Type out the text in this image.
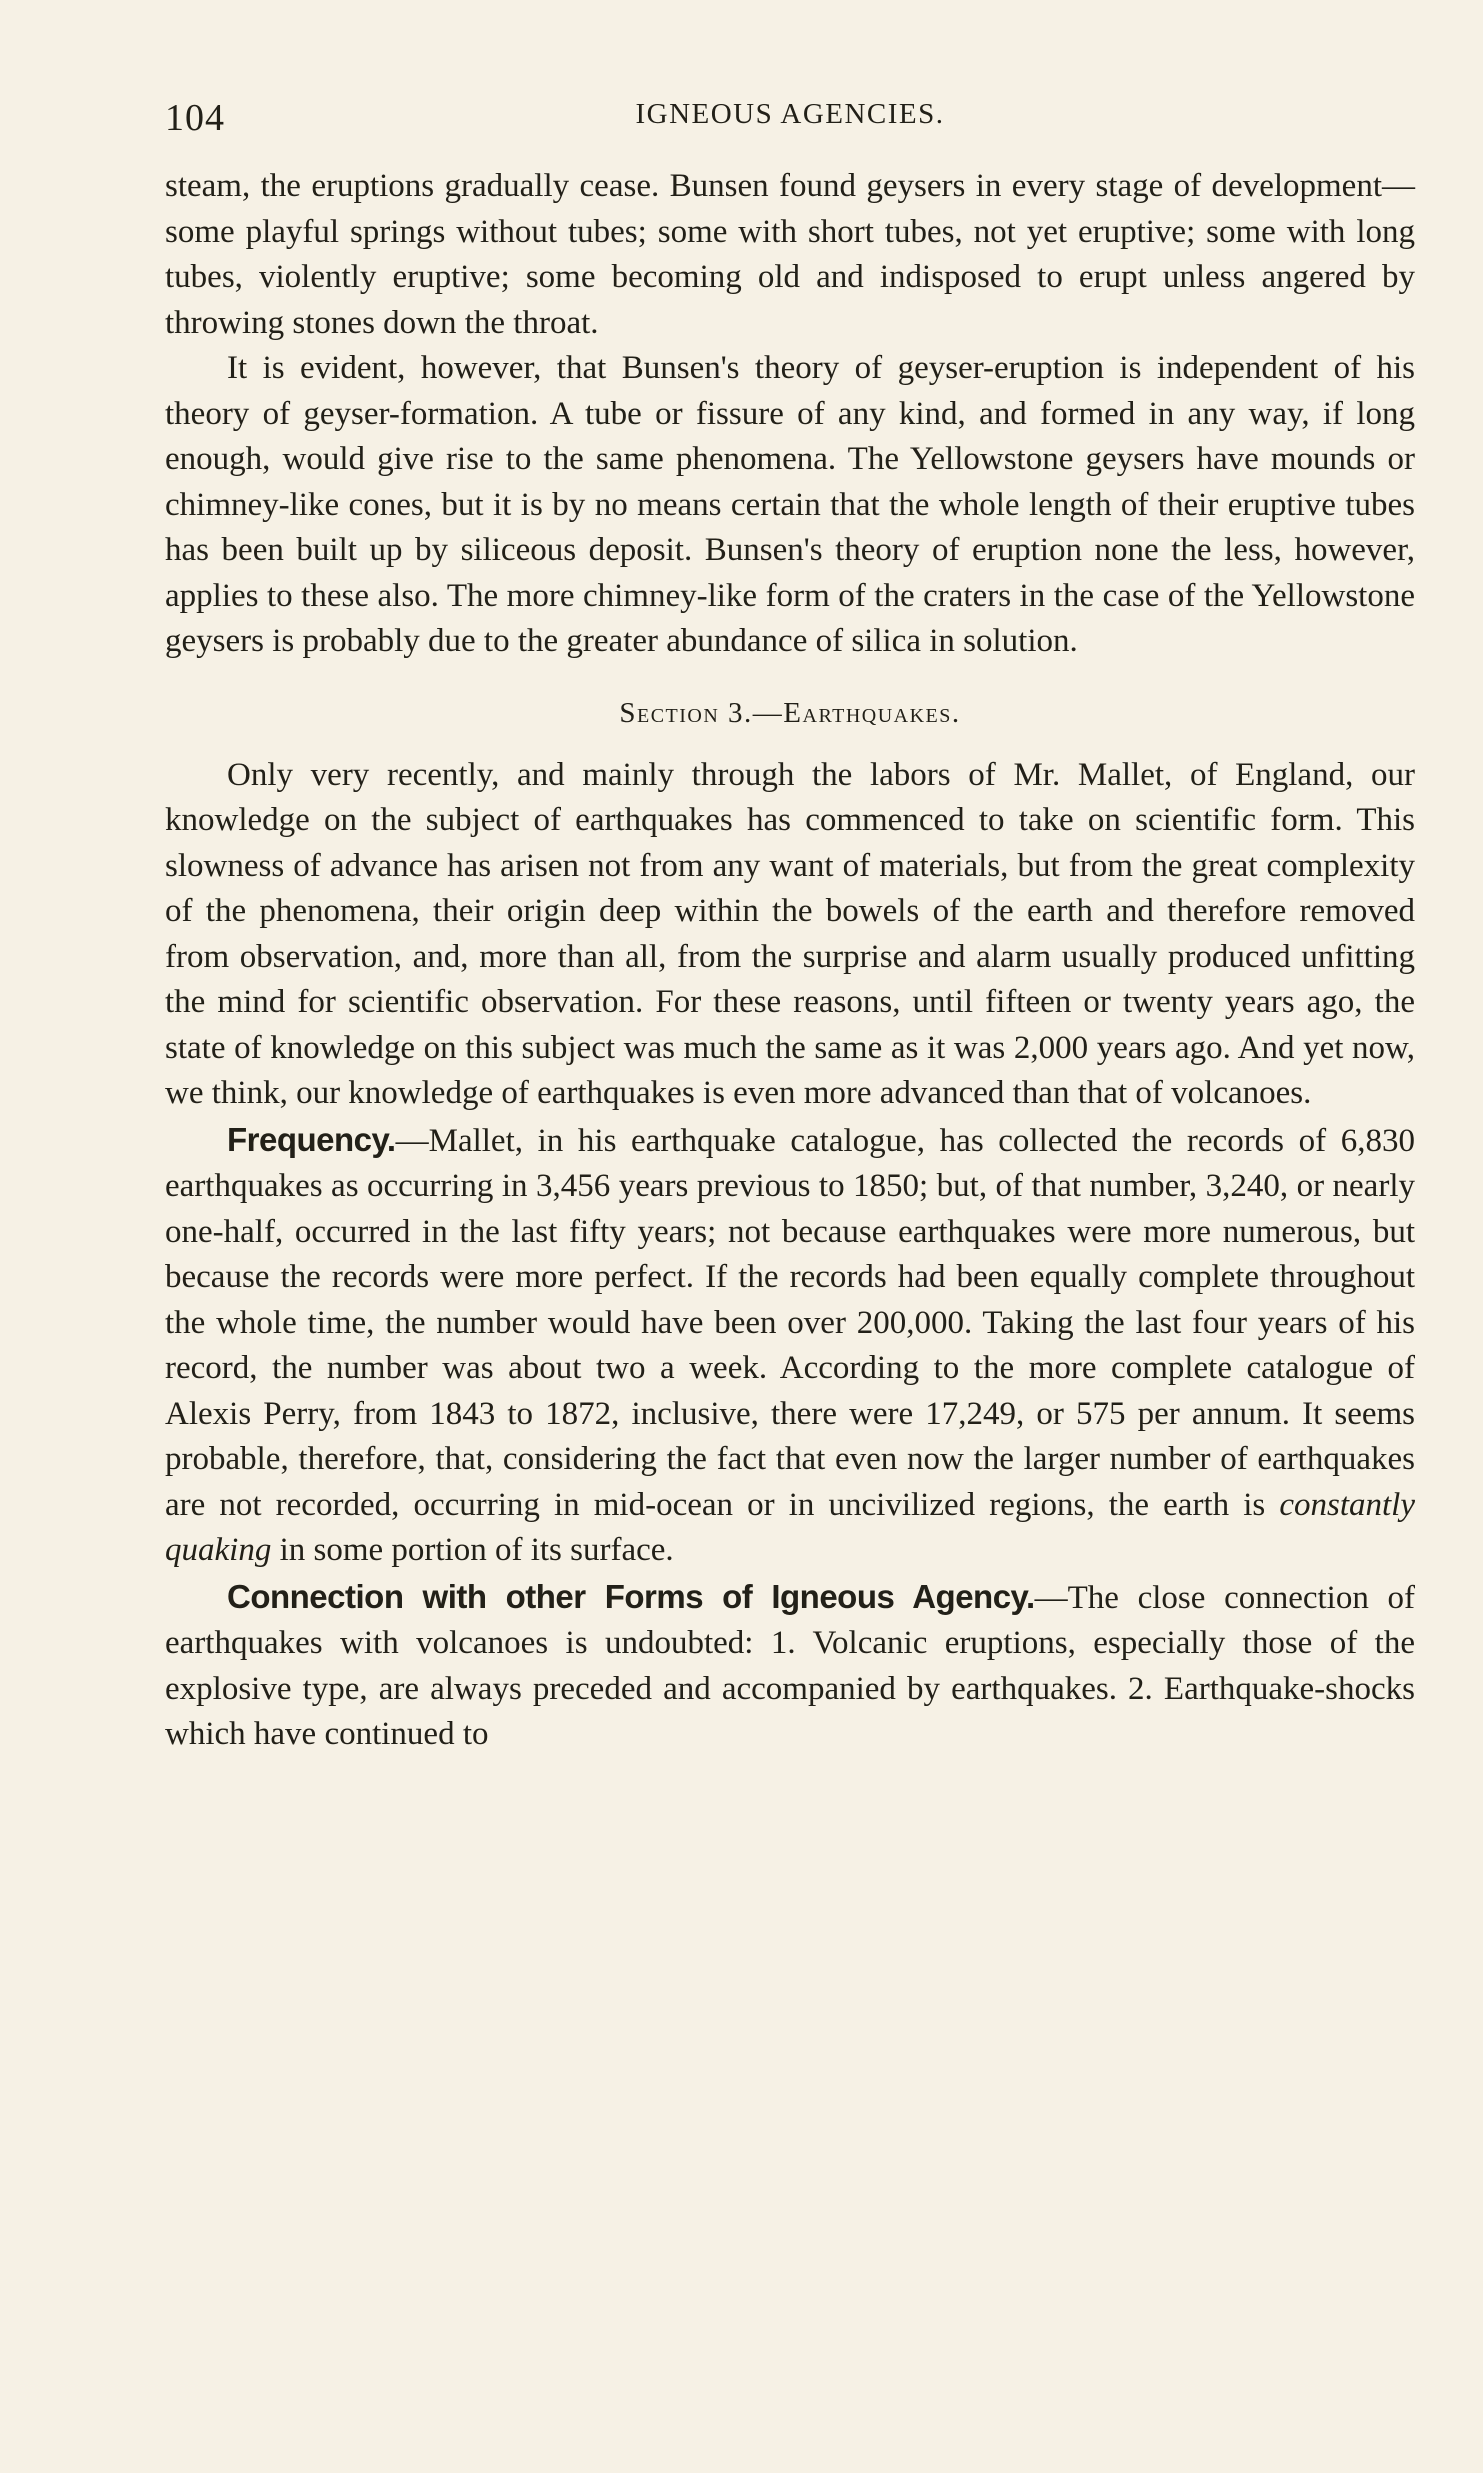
104	IGNEOUS AGENCIES.

steam, the eruptions gradually cease. Bunsen found geysers in every stage of development—some playful springs without tubes; some with short tubes, not yet eruptive; some with long tubes, violently eruptive; some becoming old and indisposed to erupt unless angered by throwing stones down the throat.

It is evident, however, that Bunsen's theory of geyser-eruption is independent of his theory of geyser-formation. A tube or fissure of any kind, and formed in any way, if long enough, would give rise to the same phenomena. The Yellowstone geysers have mounds or chimney-like cones, but it is by no means certain that the whole length of their eruptive tubes has been built up by siliceous deposit. Bunsen's theory of eruption none the less, however, applies to these also. The more chimney-like form of the craters in the case of the Yellowstone geysers is probably due to the greater abundance of silica in solution.

Section 3.—Earthquakes.

Only very recently, and mainly through the labors of Mr. Mallet, of England, our knowledge on the subject of earthquakes has commenced to take on scientific form. This slowness of advance has arisen not from any want of materials, but from the great complexity of the phenomena, their origin deep within the bowels of the earth and therefore removed from observation, and, more than all, from the surprise and alarm usually produced unfitting the mind for scientific observation. For these reasons, until fifteen or twenty years ago, the state of knowledge on this subject was much the same as it was 2,000 years ago. And yet now, we think, our knowledge of earthquakes is even more advanced than that of volcanoes.

Frequency.—Mallet, in his earthquake catalogue, has collected the records of 6,830 earthquakes as occurring in 3,456 years previous to 1850; but, of that number, 3,240, or nearly one-half, occurred in the last fifty years; not because earthquakes were more numerous, but because the records were more perfect. If the records had been equally complete throughout the whole time, the number would have been over 200,000. Taking the last four years of his record, the number was about two a week. According to the more complete catalogue of Alexis Perry, from 1843 to 1872, inclusive, there were 17,249, or 575 per annum. It seems probable, therefore, that, considering the fact that even now the larger number of earthquakes are not recorded, occurring in mid-ocean or in uncivilized regions, the earth is constantly quaking in some portion of its surface.

Connection with other Forms of Igneous Agency.—The close connection of earthquakes with volcanoes is undoubted: 1. Volcanic eruptions, especially those of the explosive type, are always preceded and accompanied by earthquakes. 2. Earthquake-shocks which have continued to
